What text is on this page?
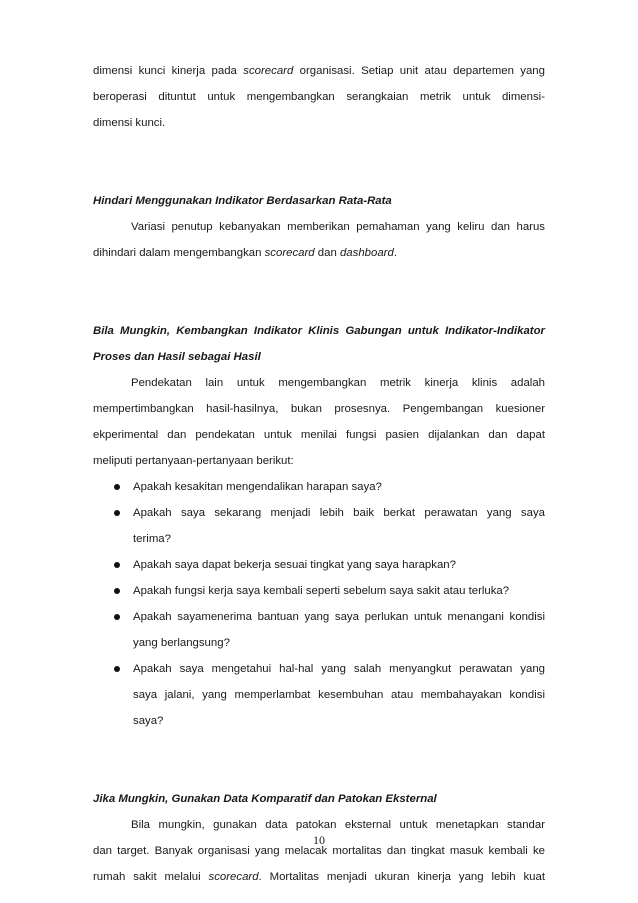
dimensi kunci kinerja pada scorecard organisasi. Setiap unit atau departemen yang

beroperasi dituntut untuk mengembangkan serangkaian metrik untuk dimensi-

dimensi kunci.

Hindari Menggunakan Indikator Berdasarkan Rata-Rata

Variasi penutup kebanyakan memberikan pemahaman yang keliru dan harus

dihindari dalam mengembangkan scorecard dan dashboard.

Bila Mungkin, Kembangkan Indikator Klinis Gabungan untuk Indikator-Indikator

Proses dan Hasil sebagai Hasil

Pendekatan lain untuk mengembangkan metrik kinerja klinis adalah

mempertimbangkan hasil-hasilnya, bukan prosesnya. Pengembangan kuesioner

ekperimental dan pendekatan untuk menilai fungsi pasien dijalankan dan dapat

meliputi pertanyaan-pertanyaan berikut:

Apakah kesakitan mengendalikan harapan saya?
Apakah saya sekarang menjadi lebih baik berkat perawatan yang saya
terima?
Apakah saya dapat bekerja sesuai tingkat yang saya harapkan?
Apakah fungsi kerja saya kembali seperti sebelum saya sakit atau terluka?
Apakah sayamenerima bantuan yang saya perlukan untuk menangani kondisi
yang berlangsung?
Apakah saya mengetahui hal-hal yang salah menyangkut perawatan yang
saya jalani, yang memperlambat kesembuhan atau membahayakan kondisi
saya?

Jika Mungkin, Gunakan Data Komparatif dan Patokan Eksternal

Bila mungkin, gunakan data patokan eksternal untuk menetapkan standar

dan target. Banyak organisasi yang melacak mortalitas dan tingkat masuk kembali ke

rumah sakit melalui scorecard. Mortalitas menjadi ukuran kinerja yang lebih kuat

10
